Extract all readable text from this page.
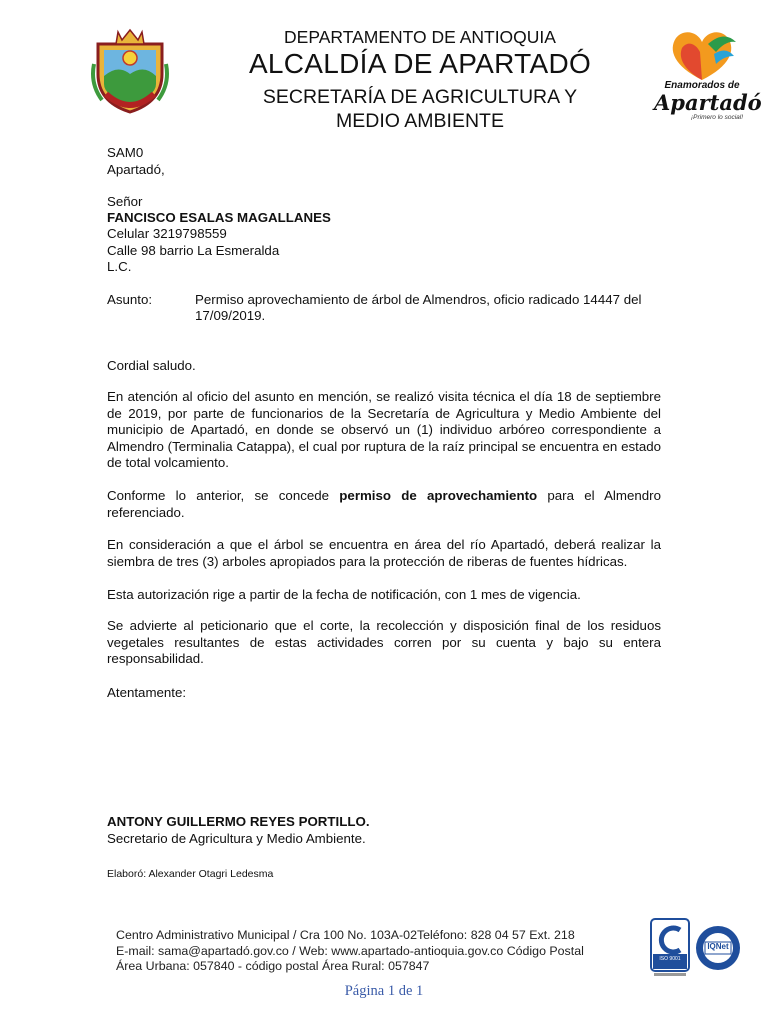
DEPARTAMENTO DE ANTIOQUIA
ALCALDÍA DE APARTADÓ
SECRETARÍA DE AGRICULTURA Y
MEDIO AMBIENTE
Enamorados de
Apartadó
¡Primero lo social!
SAM0
Apartadó,
Señor
FANCISCO ESALAS MAGALLANES
Celular 3219798559
Calle 98 barrio La Esmeralda
L.C.
Asunto:	Permiso aprovechamiento de árbol de Almendros, oficio radicado 14447 del
17/09/2019.
Cordial saludo.
En atención al oficio del asunto en mención, se realizó visita técnica el día 18 de septiembre de 2019, por parte de funcionarios de la Secretaría de Agricultura y Medio Ambiente del municipio de Apartadó, en donde se observó un (1) individuo arbóreo correspondiente a Almendro (Terminalia Catappa), el cual por ruptura de la raíz principal se encuentra en estado de total volcamiento.
Conforme lo anterior, se concede permiso de aprovechamiento para el Almendro referenciado.
En consideración a que el árbol se encuentra en área del río Apartadó, deberá realizar la siembra de tres (3) arboles apropiados para la protección de riberas de fuentes hídricas.
Esta autorización rige a partir de la fecha de notificación, con 1 mes de vigencia.
Se advierte al peticionario que el corte, la recolección y disposición final de los residuos vegetales resultantes de estas actividades corren por su cuenta y bajo su entera responsabilidad.
Atentamente:
ANTONY GUILLERMO REYES PORTILLO.
Secretario de Agricultura y Medio Ambiente.
Elaboró: Alexander Otagri Ledesma
Centro Administrativo Municipal / Cra 100 No. 103A-02Teléfono: 828 04 57 Ext. 218
E-mail: sama@apartadó.gov.co / Web: www.apartado-antioquia.gov.co Código Postal
Área Urbana: 057840 - código postal Área Rural: 057847	ISO 9001
IQNet
Página 1 de 1
